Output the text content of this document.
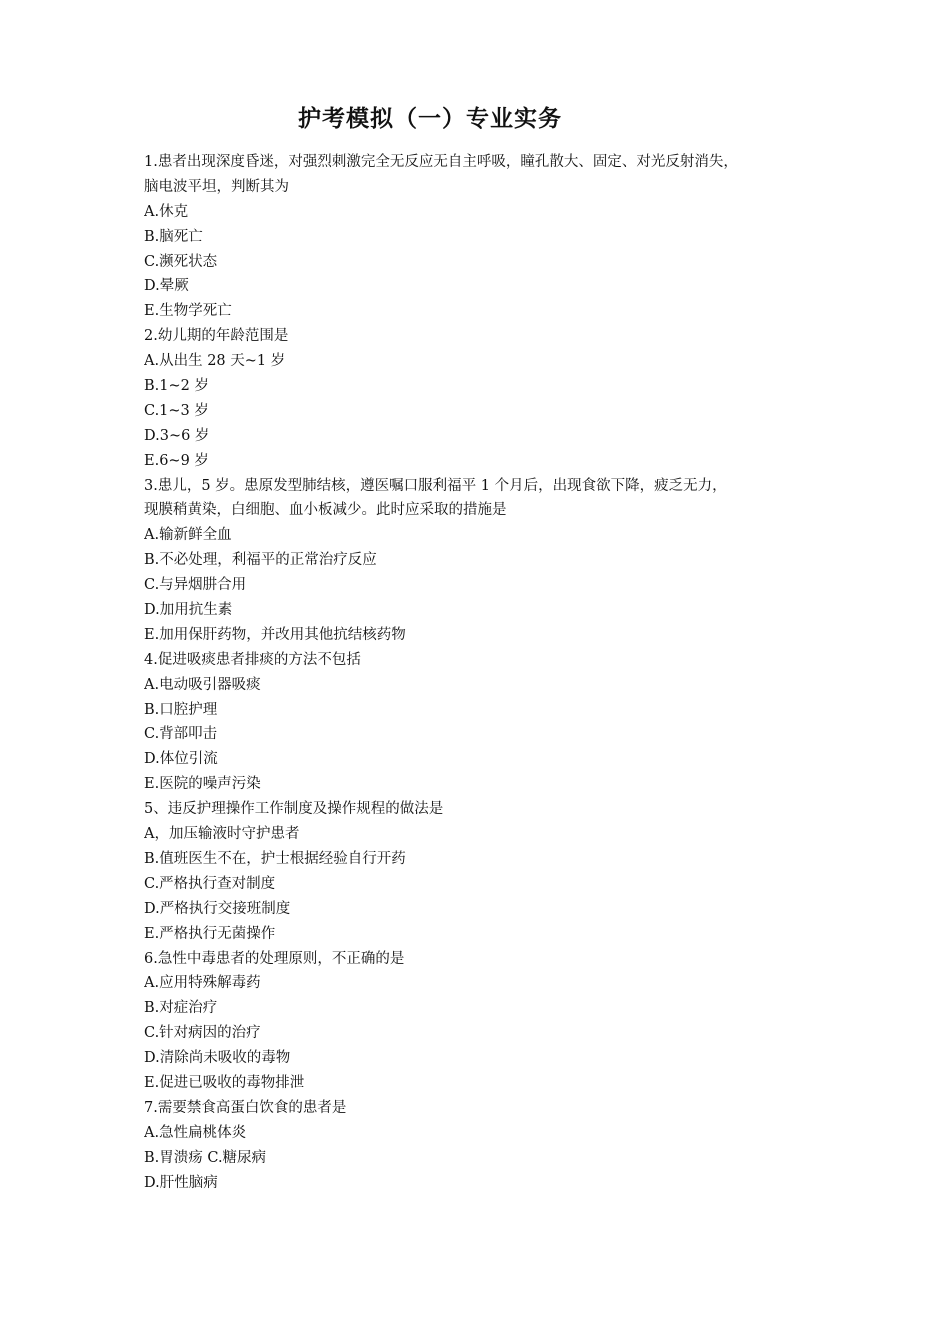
护考模拟（一）专业实务
1.患者出现深度昏迷，对强烈刺激完全无反应无自主呼吸，瞳孔散大、固定、对光反射消失，
脑电波平坦，判断其为
A.休克
B.脑死亡
C.濒死状态
D.晕厥
E.生物学死亡
2.幼儿期的年龄范围是
A.从出生 28 天~1 岁
B.1~2 岁
C.1~3 岁
D.3~6 岁
E.6~9 岁
3.患儿，5 岁。患原发型肺结核，遵医嘱口服利福平 1 个月后，出现食欲下降，疲乏无力，
现膜稍黄染，白细胞、血小板减少。此时应采取的措施是
A.输新鲜全血
B.不必处理，利福平的正常治疗反应
C.与异烟肼合用
D.加用抗生素
E.加用保肝药物，并改用其他抗结核药物
4.促进吸痰患者排痰的方法不包括
A.电动吸引器吸痰
B.口腔护理
C.背部叩击
D.体位引流
E.医院的噪声污染
5、违反护理操作工作制度及操作规程的做法是
A，加压输液时守护患者
B.值班医生不在，护士根据经验自行开药
C.严格执行查对制度
D.严格执行交接班制度
E.严格执行无菌操作
6.急性中毒患者的处理原则，不正确的是
A.应用特殊解毒药
B.对症治疗
C.针对病因的治疗
D.清除尚未吸收的毒物
E.促进已吸收的毒物排泄
7.需要禁食高蛋白饮食的患者是
A.急性扁桃体炎
B.胃溃疡 C.糖尿病
D.肝性脑病
